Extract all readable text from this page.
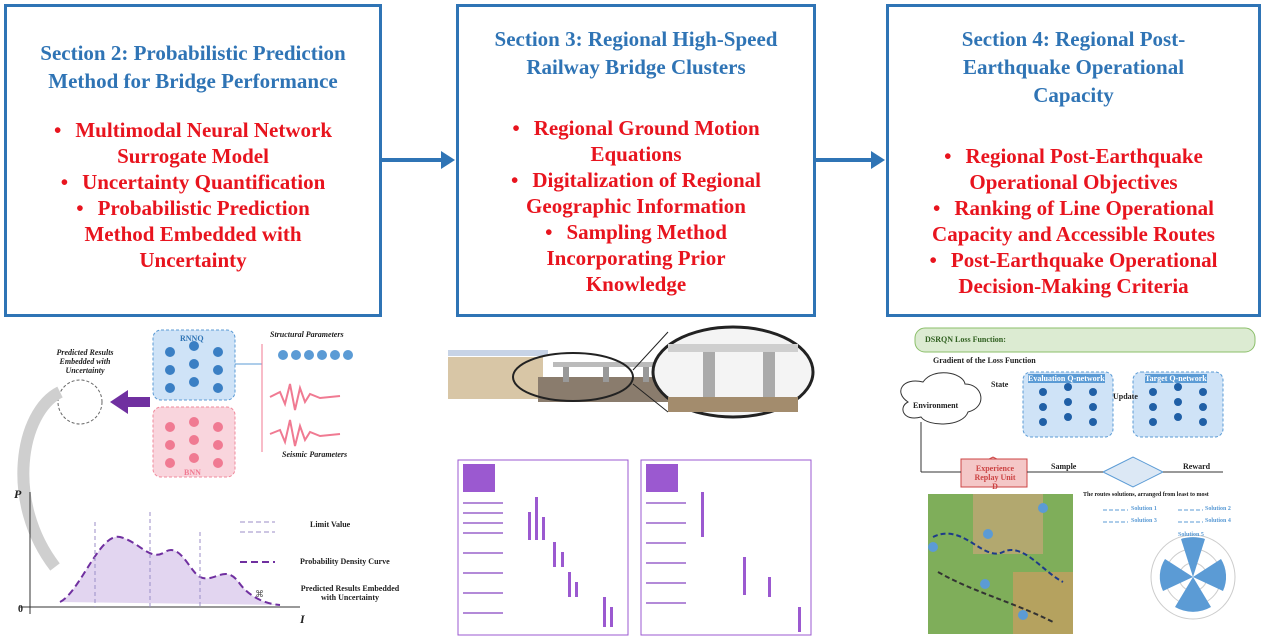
Section 2: Probabilistic Prediction Method for Bridge Performance
• Multimodal Neural Network Surrogate Model
• Uncertainty Quantification
• Probabilistic Prediction Method Embedded with Uncertainty
Section 3: Regional High-Speed Railway Bridge Clusters
• Regional Ground Motion Equations
• Digitalization of Regional Geographic Information
• Sampling Method Incorporating Prior Knowledge
Section 4: Regional Post-Earthquake Operational Capacity
• Regional Post-Earthquake Operational Objectives
• Ranking of Line Operational Capacity and Accessible Routes
• Post-Earthquake Operational Decision-Making Criteria
⌘
Predicted Results Embedded with Uncertainty
RNNQ
BNN
Structural Parameters
Seismic Parameters
Limit Value
Probability Density Curve
Predicted Results Embedded with Uncertainty
P
I
0
DSRQN Loss Function:
Gradient of the Loss Function
Environment
Evaluation Q-network	Target Q-network
State
Update
Experience Replay Unit D
Sample	Reward
The routes solutions, arranged from least to most
Solution 1	Solution 2
Solution 3	Solution 4
Solution 5
